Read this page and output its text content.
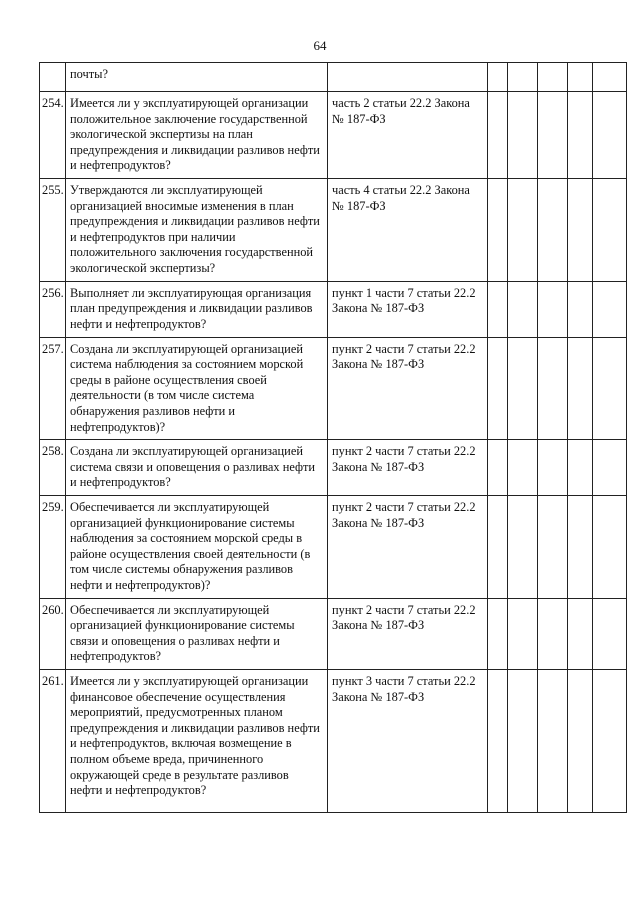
64
	почты?						
254.	Имеется ли у эксплуатирующей организации положительное заключение государственной экологической экспертизы на план предупреждения и ликвидации разливов нефти и нефтепродуктов?	часть 2 статьи 22.2 Закона № 187-ФЗ					
255.	Утверждаются ли эксплуатирующей организацией вносимые изменения в план предупреждения и ликвидации разливов нефти и нефтепродуктов при наличии положительного заключения государственной экологической экспертизы?	часть 4 статьи 22.2 Закона № 187-ФЗ					
256.	Выполняет ли эксплуатирующая организация план предупреждения и ликвидации разливов нефти и нефтепродуктов?	пункт 1 части 7 статьи 22.2 Закона № 187-ФЗ					
257.	Создана ли эксплуатирующей организацией система наблюдения за состоянием морской среды в районе осуществления своей деятельности (в том числе система обнаружения разливов нефти и нефтепродуктов)?	пункт 2 части 7 статьи 22.2 Закона № 187-ФЗ					
258.	Создана ли эксплуатирующей организацией система связи и оповещения о разливах нефти и нефтепродуктов?	пункт 2 части 7 статьи 22.2 Закона № 187-ФЗ					
259.	Обеспечивается ли эксплуатирующей организацией функционирование системы наблюдения за состоянием морской среды в районе осуществления своей деятельности (в том числе системы обнаружения разливов нефти и нефтепродуктов)?	пункт 2 части 7 статьи 22.2 Закона № 187-ФЗ					
260.	Обеспечивается ли эксплуатирующей организацией функционирование системы связи и оповещения о разливах нефти и нефтепродуктов?	пункт 2 части 7 статьи 22.2 Закона № 187-ФЗ					
261.	Имеется ли у эксплуатирующей организации финансовое обеспечение осуществления мероприятий, предусмотренных планом предупреждения и ликвидации разливов нефти и нефтепродуктов, включая возмещение в полном объеме вреда, причиненного окружающей среде в результате разливов нефти и нефтепродуктов?	пункт 3 части 7 статьи 22.2 Закона № 187-ФЗ					
